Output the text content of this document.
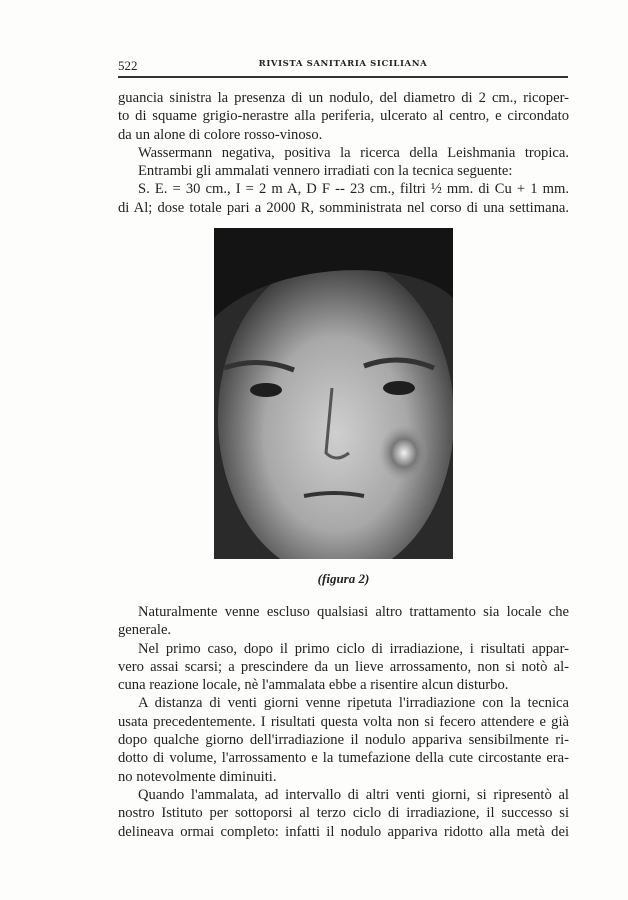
522	RIVISTA SANITARIA SICILIANA
guancia sinistra la presenza di un nodulo, del diametro di 2 cm., ricoper-
to di squame grigio-nerastre alla periferia, ulcerato al centro, e circondato
da un alone di colore rosso-vinoso.
Wassermann negativa, positiva la ricerca della Leishmania tropica.
Entrambi gli ammalati vennero irradiati con la tecnica seguente:
S. E. = 30 cm., I = 2 m A, D F -- 23 cm., filtri ½ mm. di Cu + 1 mm.
di Al; dose totale pari a 2000 R, somministrata nel corso di una settimana.
(figura 2)
Naturalmente venne escluso qualsiasi altro trattamento sia locale che
generale.
Nel primo caso, dopo il primo ciclo di irradiazione, i risultati appar-
vero assai scarsi; a prescindere da un lieve arrossamento, non si notò al-
cuna reazione locale, nè l'ammalata ebbe a risentire alcun disturbo.
A distanza di venti giorni venne ripetuta l'irradiazione con la tecnica
usata precedentemente. I risultati questa volta non si fecero attendere e già
dopo qualche giorno dell'irradiazione il nodulo appariva sensibilmente ri-
dotto di volume, l'arrossamento e la tumefazione della cute circostante era-
no notevolmente diminuiti.
Quando l'ammalata, ad intervallo di altri venti giorni, si ripresentò al
nostro Istituto per sottoporsi al terzo ciclo di irradiazione, il successo si
delineava ormai completo: infatti il nodulo appariva ridotto alla metà dei
